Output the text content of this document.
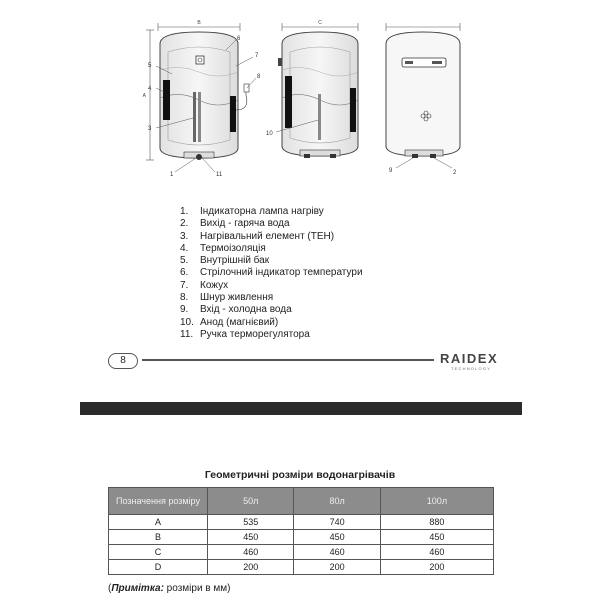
B
A
6
7
5
4
3
8
1	11
C
10
9	2
1.	Індикаторна лампа нагріву
2.	Вихід - гаряча вода
3.	Нагрівальний елемент (ТЕН)
4.	Термоізоляція
5.	Внутрішній бак
6.	Стрілочний індикатор температури
7.	Кожух
8.	Шнур живлення
9.	Вхід - холодна вода
10. Анод (магнієвий)
11. Ручка терморегулятора
8	RAIDEX
TECHNOLOGY
Геометричні розміри водонагрівачів
Позначення розміру	50л	80л	100л
A	535	740	880
B	450	450	450
C	460	460	460
D	200	200	200
(Примітка: розміри в мм)
